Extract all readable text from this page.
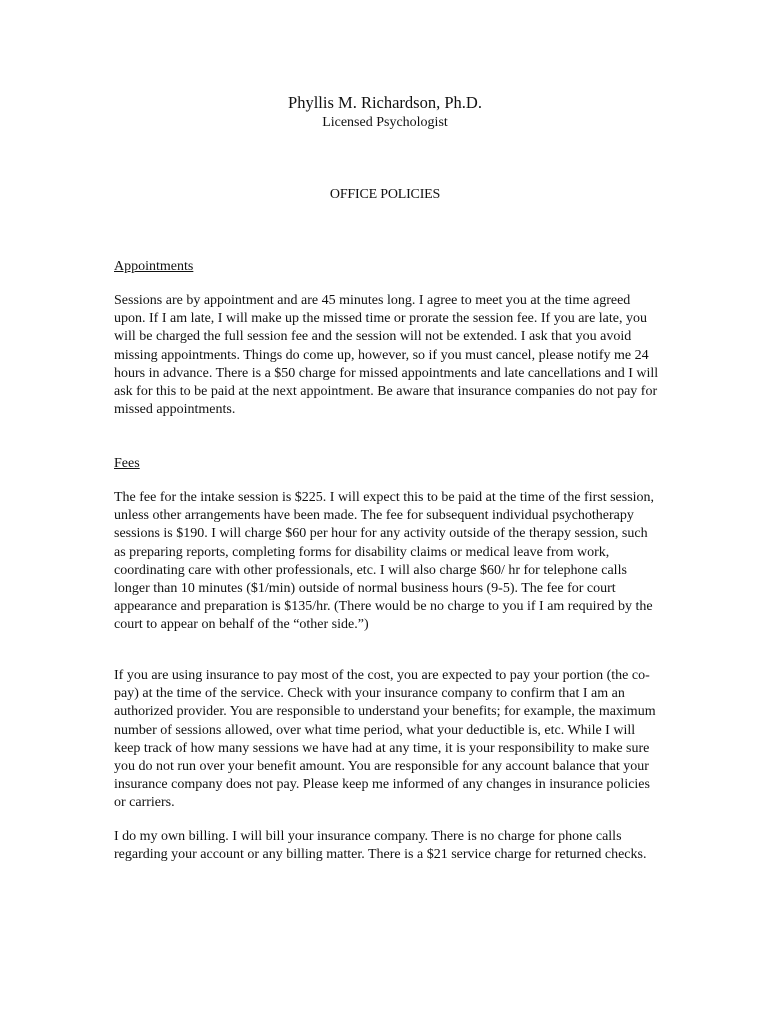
Phyllis M. Richardson, Ph.D.

Licensed Psychologist

OFFICE POLICIES
Appointments

Sessions are by appointment and are 45 minutes long. I agree to meet you at the time agreed upon. If I am late, I will make up the missed time or prorate the session fee. If you are late, you will be charged the full session fee and the session will not be extended. I ask that you avoid missing appointments. Things do come up, however, so if you must cancel, please notify me 24 hours in advance. There is a $50 charge for missed appointments and late cancellations and I will ask for this to be paid at the next appointment. Be aware that insurance companies do not pay for missed appointments.

Fees

The fee for the intake session is $225. I will expect this to be paid at the time of the first session, unless other arrangements have been made. The fee for subsequent individual psychotherapy sessions is $190. I will charge $60 per hour for any activity outside of the therapy session, such as preparing reports, completing forms for disability claims or medical leave from work, coordinating care with other professionals, etc. I will also charge $60/ hr for telephone calls longer than 10 minutes ($1/min) outside of normal business hours (9-5). The fee for court appearance and preparation is $135/hr. (There would be no charge to you if I am required by the court to appear on behalf of the “other side.”)

If you are using insurance to pay most of the cost, you are expected to pay your portion (the co-pay) at the time of the service. Check with your insurance company to confirm that I am an authorized provider. You are responsible to understand your benefits; for example, the maximum number of sessions allowed, over what time period, what your deductible is, etc. While I will keep track of how many sessions we have had at any time, it is your responsibility to make sure you do not run over your benefit amount. You are responsible for any account balance that your insurance company does not pay. Please keep me informed of any changes in insurance policies or carriers.

I do my own billing. I will bill your insurance company. There is no charge for phone calls regarding your account or any billing matter. There is a $21 service charge for returned checks.
